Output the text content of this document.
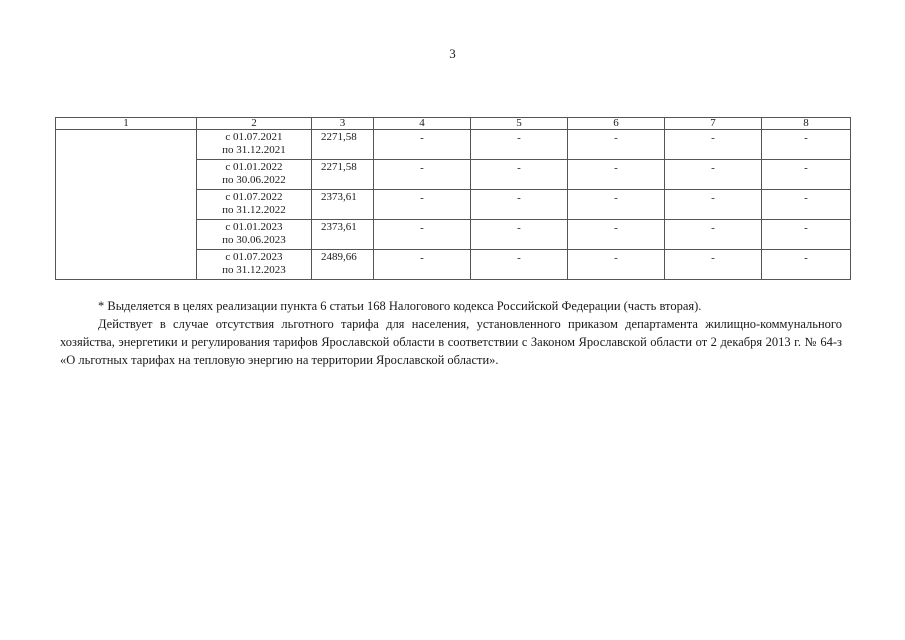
3
1	2	3	4	5	6	7	8

	с 01.07.2021
по 31.12.2021	2271,58	-	-	-	-	-

	с 01.01.2022
по 30.06.2022	2271,58	-	-	-	-	-

	с 01.07.2022
по 31.12.2022	2373,61	-	-	-	-	-

	с 01.01.2023
по 30.06.2023	2373,61	-	-	-	-	-

	с 01.07.2023
по 31.12.2023	2489,66	-	-	-	-	-

* Выделяется в целях реализации пункта 6 статьи 168 Налогового кодекса Российской Федерации (часть вторая).

Действует в случае отсутствия льготного тарифа для населения, установленного приказом департамента жилищно-коммунального хозяйства, энергетики и регулирования тарифов Ярославской области в соответствии с Законом Ярославской области от 2 декабря 2013 г. № 64-з «О льготных тарифах на тепловую энергию на территории Ярославской области».
